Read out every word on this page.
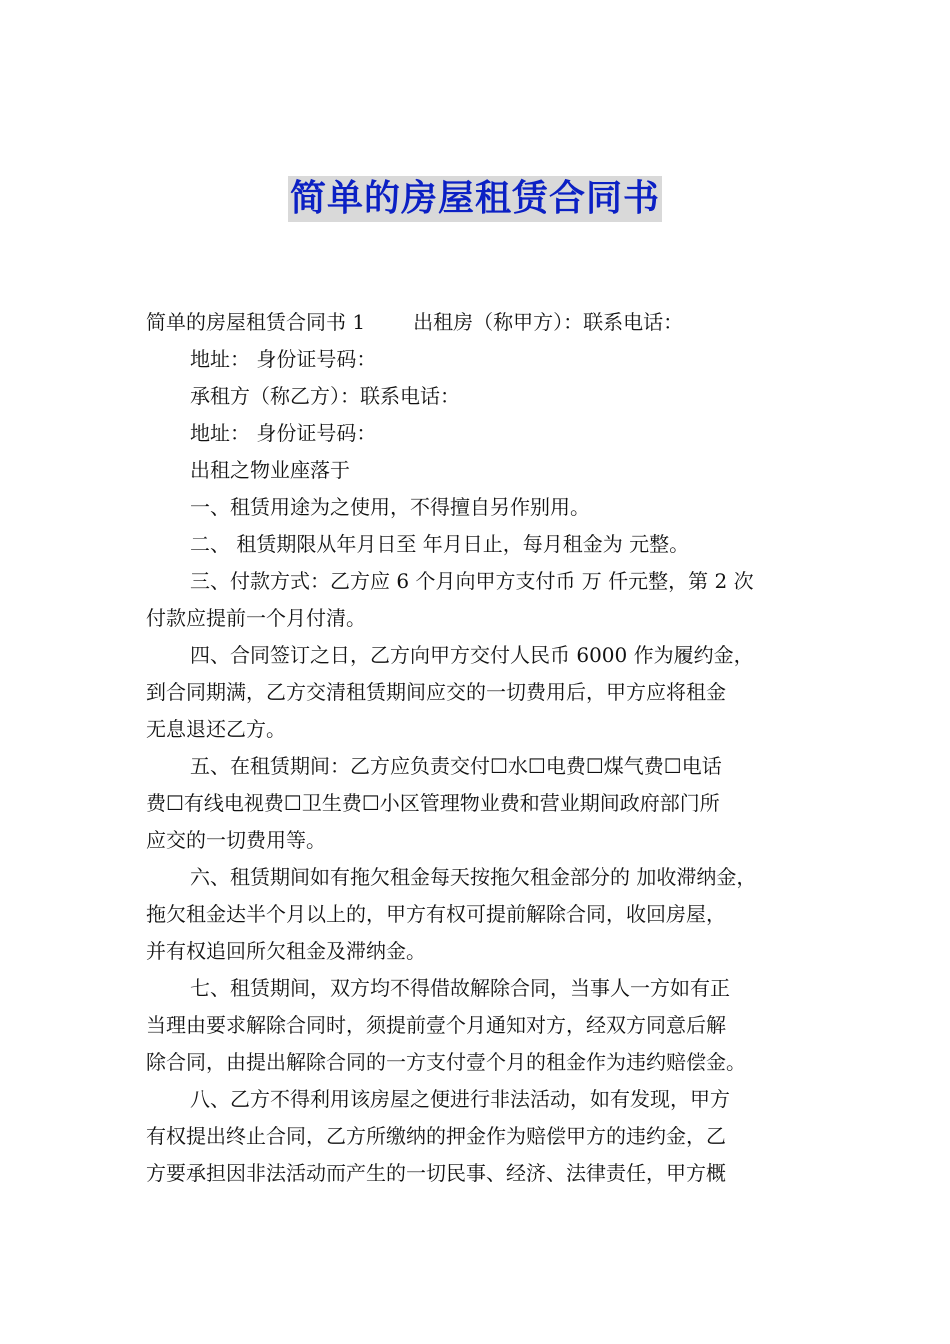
简单的房屋租赁合同书
简单的房屋租赁合同书 1 出租房（称甲方）：联系电话：
地址： 身份证号码：
承租方（称乙方）：联系电话：
地址： 身份证号码：
出租之物业座落于
一、租赁用途为之使用，不得擅自另作别用。
二、 租赁期限从年月日至 年月日止，每月租金为 元整。
三、付款方式：乙方应 6 个月向甲方支付币 万 仟元整，第 2 次
付款应提前一个月付清。
四、合同签订之日，乙方向甲方交付人民币 6000 作为履约金，
到合同期满，乙方交清租赁期间应交的一切费用后，甲方应将租金
无息退还乙方。
五、在租赁期间：乙方应负责交付☐水☐电费☐煤气费☐电话
费☐有线电视费☐卫生费☐小区管理物业费和营业期间政府部门所
应交的一切费用等。
六、租赁期间如有拖欠租金每天按拖欠租金部分的 加收滞纳金，
拖欠租金达半个月以上的，甲方有权可提前解除合同，收回房屋，
并有权追回所欠租金及滞纳金。
七、租赁期间，双方均不得借故解除合同，当事人一方如有正
当理由要求解除合同时，须提前壹个月通知对方，经双方同意后解
除合同，由提出解除合同的一方支付壹个月的租金作为违约赔偿金。
八、乙方不得利用该房屋之便进行非法活动，如有发现，甲方
有权提出终止合同，乙方所缴纳的押金作为赔偿甲方的违约金，乙
方要承担因非法活动而产生的一切民事、经济、法律责任，甲方概
